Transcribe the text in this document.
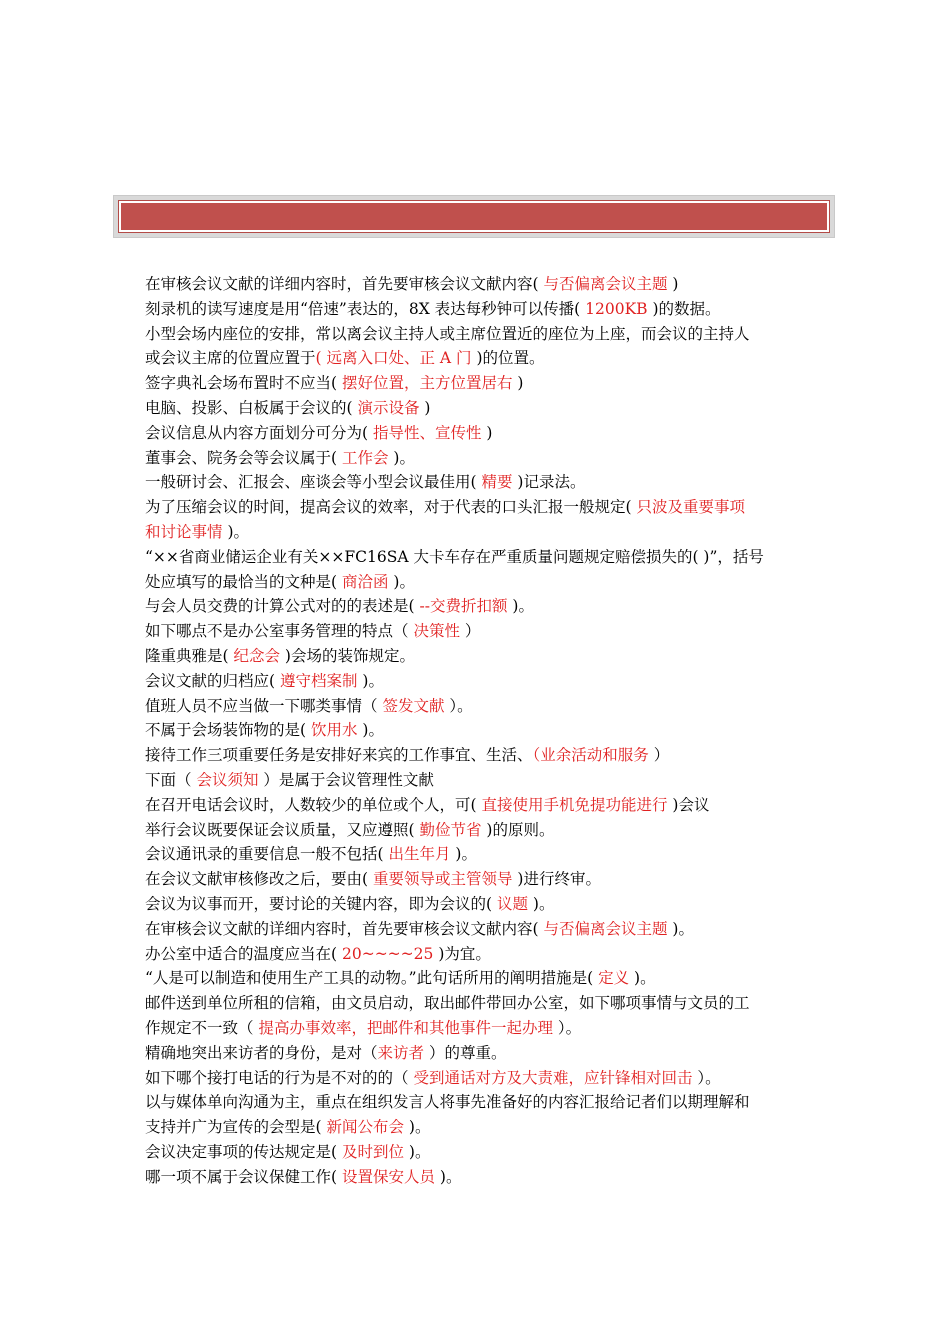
在审核会议文献的详细内容时，首先要审核会议文献内容( 与否偏离会议主题 )
刻录机的读写速度是用“倍速”表达的，8X 表达每秒钟可以传播( 1200KB )的数据。
小型会场内座位的安排，常以离会议主持人或主席位置近的座位为上座，而会议的主持人
或会议主席的位置应置于( 远离入口处、正 A 门 )的位置。
签字典礼会场布置时不应当( 摆好位置，主方位置居右 )
电脑、投影、白板属于会议的( 演示设备 )
会议信息从内容方面划分可分为( 指导性、宣传性 )
董事会、院务会等会议属于( 工作会 )。
一般研讨会、汇报会、座谈会等小型会议最佳用( 精要 )记录法。
为了压缩会议的时间，提高会议的效率，对于代表的口头汇报一般规定( 只波及重要事项
和讨论事情 )。
“××省商业储运企业有关××FC16SA 大卡车存在严重质量问题规定赔偿损失的( )”，括号
处应填写的最恰当的文种是( 商洽函 )。
与会人员交费的计算公式对的的表述是( --交费折扣额 )。
如下哪点不是办公室事务管理的特点（ 决策性 ）
隆重典雅是( 纪念会 )会场的装饰规定。
会议文献的归档应( 遵守档案制 )。
值班人员不应当做一下哪类事情（ 签发文献 ）。
不属于会场装饰物的是( 饮用水 )。
接待工作三项重要任务是安排好来宾的工作事宜、生活、（业余活动和服务 ）
下面（ 会议须知 ）是属于会议管理性文献
在召开电话会议时，人数较少的单位或个人，可( 直接使用手机免提功能进行 )会议
举行会议既要保证会议质量，又应遵照( 勤俭节省 )的原则。
会议通讯录的重要信息一般不包括( 出生年月 )。
在会议文献审核修改之后，要由( 重要领导或主管领导 )进行终审。
会议为议事而开，要讨论的关键内容，即为会议的( 议题 )。
在审核会议文献的详细内容时，首先要审核会议文献内容( 与否偏离会议主题 )。
办公室中适合的温度应当在( 20~~~~25 )为宜。
“人是可以制造和使用生产工具的动物。”此句话所用的阐明措施是( 定义 )。
邮件送到单位所租的信箱，由文员启动，取出邮件带回办公室，如下哪项事情与文员的工
作规定不一致（ 提高办事效率，把邮件和其他事件一起办理 ）。
精确地突出来访者的身份，是对（来访者 ）的尊重。
如下哪个接打电话的行为是不对的的（ 受到通话对方及大责难，应针锋相对回击 ）。
以与媒体单向沟通为主，重点在组织发言人将事先准备好的内容汇报给记者们以期理解和
支持并广为宣传的会型是( 新闻公布会 )。
会议决定事项的传达规定是( 及时到位 )。
哪一项不属于会议保健工作( 设置保安人员 )。
